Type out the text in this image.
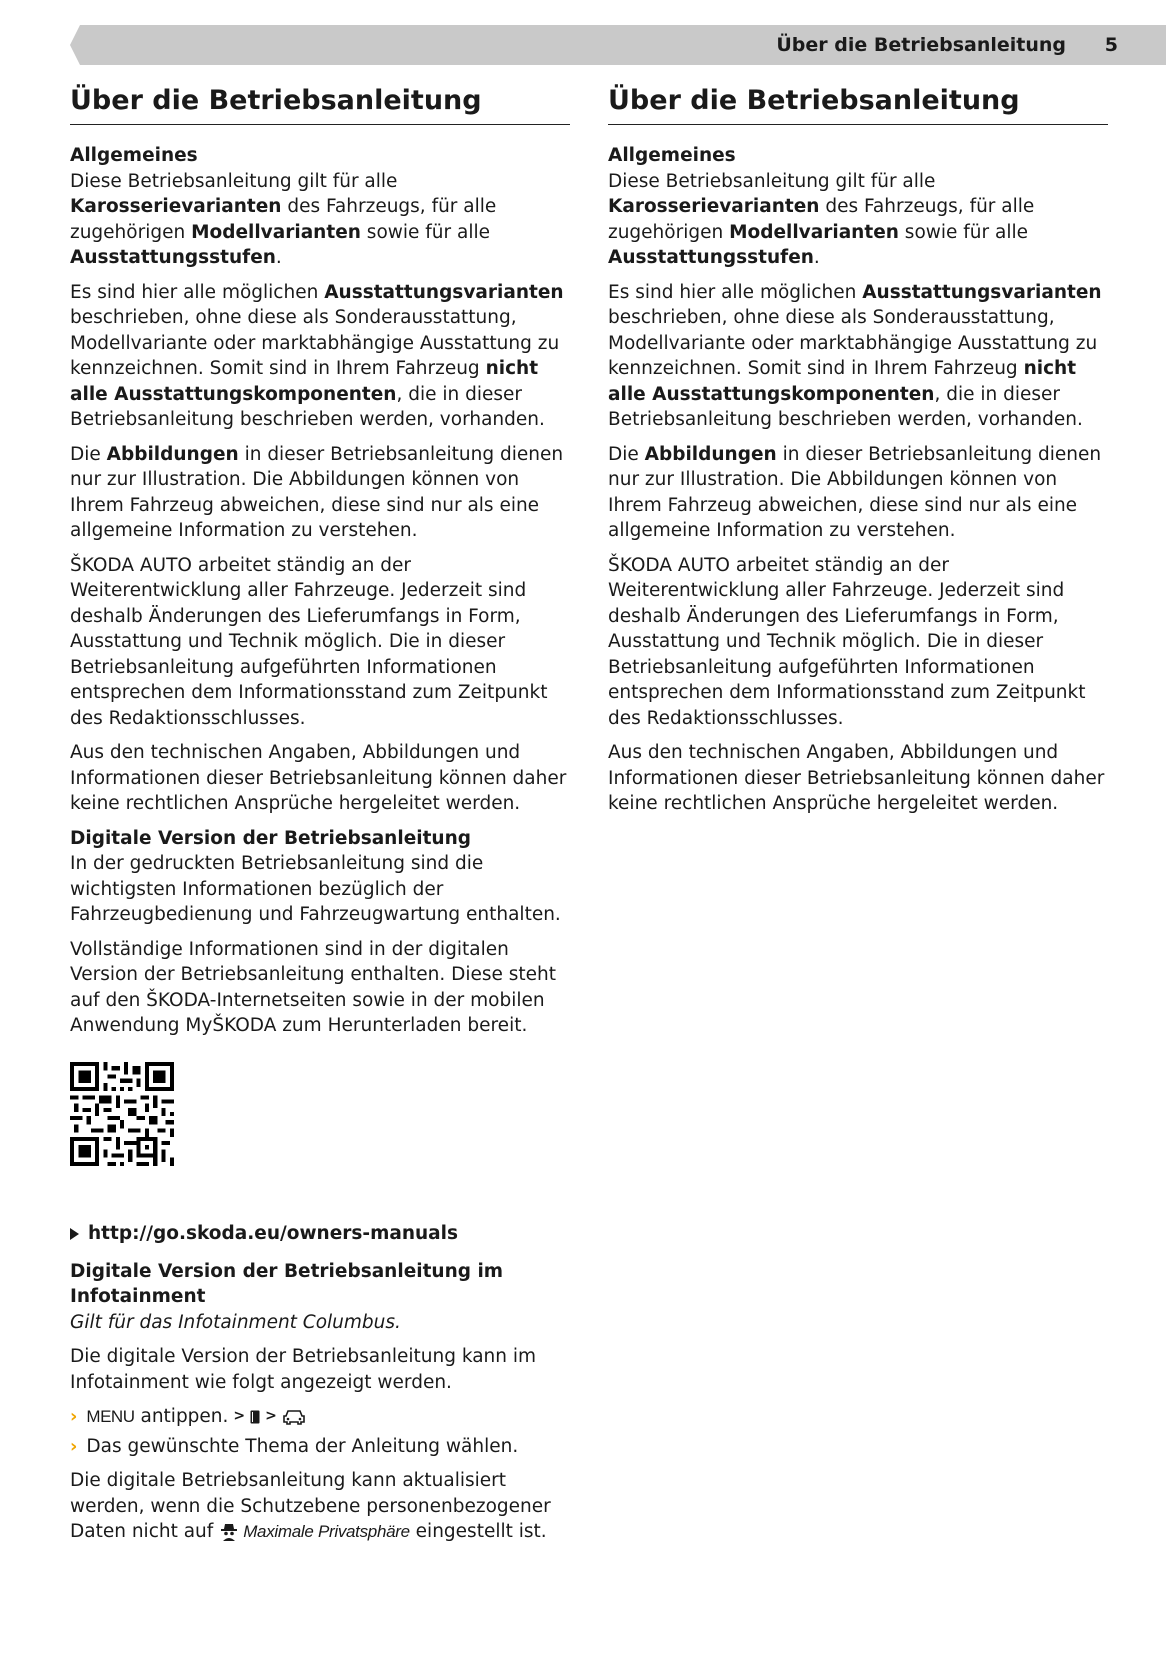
Über die Betriebsanleitung 5
Über die Betriebsanleitung
Allgemeines

Diese Betriebsanleitung gilt für alle Karosserievarianten des Fahrzeugs, für alle zugehörigen Modellvarianten sowie für alle Ausstattungsstufen.

Es sind hier alle möglichen Ausstattungsvarianten beschrieben, ohne diese als Sonderausstattung, Modellvariante oder marktabhängige Ausstattung zu kennzeichnen. Somit sind in Ihrem Fahrzeug nicht alle Ausstattungskomponenten, die in dieser Betriebsanleitung beschrieben werden, vorhanden.

Die Abbildungen in dieser Betriebsanleitung dienen nur zur Illustration. Die Abbildungen können von Ihrem Fahrzeug abweichen, diese sind nur als eine allgemeine Information zu verstehen.

ŠKODA AUTO arbeitet ständig an der Weiterentwicklung aller Fahrzeuge. Jederzeit sind deshalb Änderungen des Lieferumfangs in Form, Ausstattung und Technik möglich. Die in dieser Betriebsanleitung aufgeführten Informationen entsprechen dem Informationsstand zum Zeitpunkt des Redaktionsschlusses.

Aus den technischen Angaben, Abbildungen und Informationen dieser Betriebsanleitung können daher keine rechtlichen Ansprüche hergeleitet werden.

Digitale Version der Betriebsanleitung

In der gedruckten Betriebsanleitung sind die wichtigsten Informationen bezüglich der Fahrzeugbedienung und Fahrzeugwartung enthalten.

Vollständige Informationen sind in der digitalen Version der Betriebsanleitung enthalten. Diese steht auf den ŠKODA-Internetseiten sowie in der mobilen Anwendung MyŠKODA zum Herunterladen bereit.

http://go.skoda.eu/owners-manuals
Digitale Version der Betriebsanleitung im Infotainment

Gilt für das Infotainment Columbus.

Die digitale Version der Betriebsanleitung kann im Infotainment wie folgt angezeigt werden.

› MENU antippen. > >
› Das gewünschte Thema der Anleitung wählen.

Die digitale Betriebsanleitung kann aktualisiert werden, wenn die Schutzebene personenbezogener Daten nicht auf Maximale Privatsphäre eingestellt ist.

Über die Betriebsanleitung
Allgemeines

Diese Betriebsanleitung gilt für alle Karosserievarianten des Fahrzeugs, für alle zugehörigen Modellvarianten sowie für alle Ausstattungsstufen.

Es sind hier alle möglichen Ausstattungsvarianten beschrieben, ohne diese als Sonderausstattung, Modellvariante oder marktabhängige Ausstattung zu kennzeichnen. Somit sind in Ihrem Fahrzeug nicht alle Ausstattungskomponenten, die in dieser Betriebsanleitung beschrieben werden, vorhanden.

Die Abbildungen in dieser Betriebsanleitung dienen nur zur Illustration. Die Abbildungen können von Ihrem Fahrzeug abweichen, diese sind nur als eine allgemeine Information zu verstehen.

ŠKODA AUTO arbeitet ständig an der Weiterentwicklung aller Fahrzeuge. Jederzeit sind deshalb Änderungen des Lieferumfangs in Form, Ausstattung und Technik möglich. Die in dieser Betriebsanleitung aufgeführten Informationen entsprechen dem Informationsstand zum Zeitpunkt des Redaktionsschlusses.

Aus den technischen Angaben, Abbildungen und Informationen dieser Betriebsanleitung können daher keine rechtlichen Ansprüche hergeleitet werden.
